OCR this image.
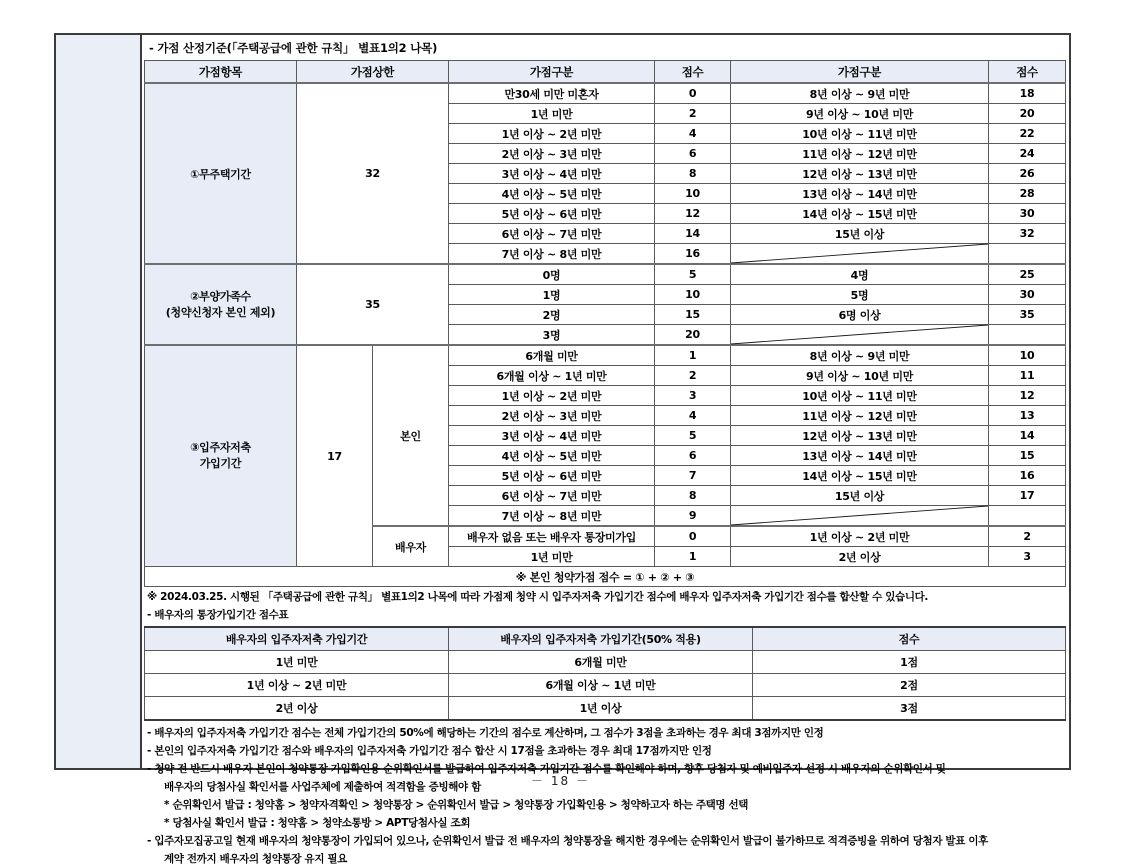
- 가점 산정기준(「주택공급에 관한 규칙」 별표1의2 나목)
가점항목	가점상한		가점구분	점수	가점구분	점수
①무주택기간	32		만30세 미만 미혼자	0	8년 이상 ~ 9년 미만	18
			1년 미만	2	9년 이상 ~ 10년 미만	20
			1년 이상 ~ 2년 미만	4	10년 이상 ~ 11년 미만	22
			2년 이상 ~ 3년 미만	6	11년 이상 ~ 12년 미만	24
			3년 이상 ~ 4년 미만	8	12년 이상 ~ 13년 미만	26
			4년 이상 ~ 5년 미만	10	13년 이상 ~ 14년 미만	28
			5년 이상 ~ 6년 미만	12	14년 이상 ~ 15년 미만	30
			6년 이상 ~ 7년 미만	14	15년 이상	32
			7년 이상 ~ 8년 미만	16	

②부양가족수
(청약신청자 본인 제외)	35		0명	5	4명	25
			1명	10	5명	30
			2명	15	6명 이상	35
			3명	20	

③입주자저축
가입기간	17	본인	6개월 미만	1	8년 이상 ~ 9년 미만	10
			6개월 이상 ~ 1년 미만	2	9년 이상 ~ 10년 미만	11
			1년 이상 ~ 2년 미만	3	10년 이상 ~ 11년 미만	12
			2년 이상 ~ 3년 미만	4	11년 이상 ~ 12년 미만	13
			3년 이상 ~ 4년 미만	5	12년 이상 ~ 13년 미만	14
			4년 이상 ~ 5년 미만	6	13년 이상 ~ 14년 미만	15
			5년 이상 ~ 6년 미만	7	14년 이상 ~ 15년 미만	16
			6년 이상 ~ 7년 미만	8	15년 이상	17
			7년 이상 ~ 8년 미만	9	

		배우자	배우자 없음 또는 배우자 통장미가입	0	1년 이상 ~ 2년 미만	2
			1년 미만	1	2년 이상	3
※ 본인 청약가점 점수 = ① + ② + ③						
※ 2024.03.25. 시행된 「주택공급에 관한 규칙」 별표1의2 나목에 따라 가점제 청약 시 입주자저축 가입기간 점수에 배우자 입주자저축 가입기간 점수를 합산할 수 있습니다.
- 배우자의 통장가입기간 점수표
배우자의 입주자저축 가입기간	배우자의 입주자저축 가입기간(50% 적용)	점수
1년 미만	6개월 미만	1점
1년 이상 ~ 2년 미만	6개월 이상 ~ 1년 미만	2점
2년 이상	1년 이상	3점
- 배우자의 입주자저축 가입기간 점수는 전체 가입기간의 50%에 해당하는 기간의 점수로 계산하며, 그 점수가 3점을 초과하는 경우 최대 3점까지만 인정
- 본인의 입주자저축 가입기간 점수와 배우자의 입주자저축 가입기간 점수 합산 시 17점을 초과하는 경우 최대 17점까지만 인정
- 청약 전 반드시 배우자 본인이 청약통장 가입확인용 순위확인서를 발급하여 입주자저축 가입기간 점수를 확인해야 하며, 향후 당첨자 및 예비입주자 선정 시 배우자의 순위확인서 및
배우자의 당첨사실 확인서를 사업주체에 제출하여 적격함을 증빙해야 함
* 순위확인서 발급 : 청약홈 > 청약자격확인 > 청약통장 > 순위확인서 발급 > 청약통장 가입확인용 > 청약하고자 하는 주택명 선택
* 당첨사실 확인서 발급 : 청약홈 > 청약소통방 > APT당첨사실 조회
- 입주자모집공고일 현재 배우자의 청약통장이 가입되어 있으나, 순위확인서 발급 전 배우자의 청약통장을 해지한 경우에는 순위확인서 발급이 불가하므로 적격증빙을 위하여 당첨자 발표 이후
계약 전까지 배우자의 청약통장 유지 필요
－ 18 －
